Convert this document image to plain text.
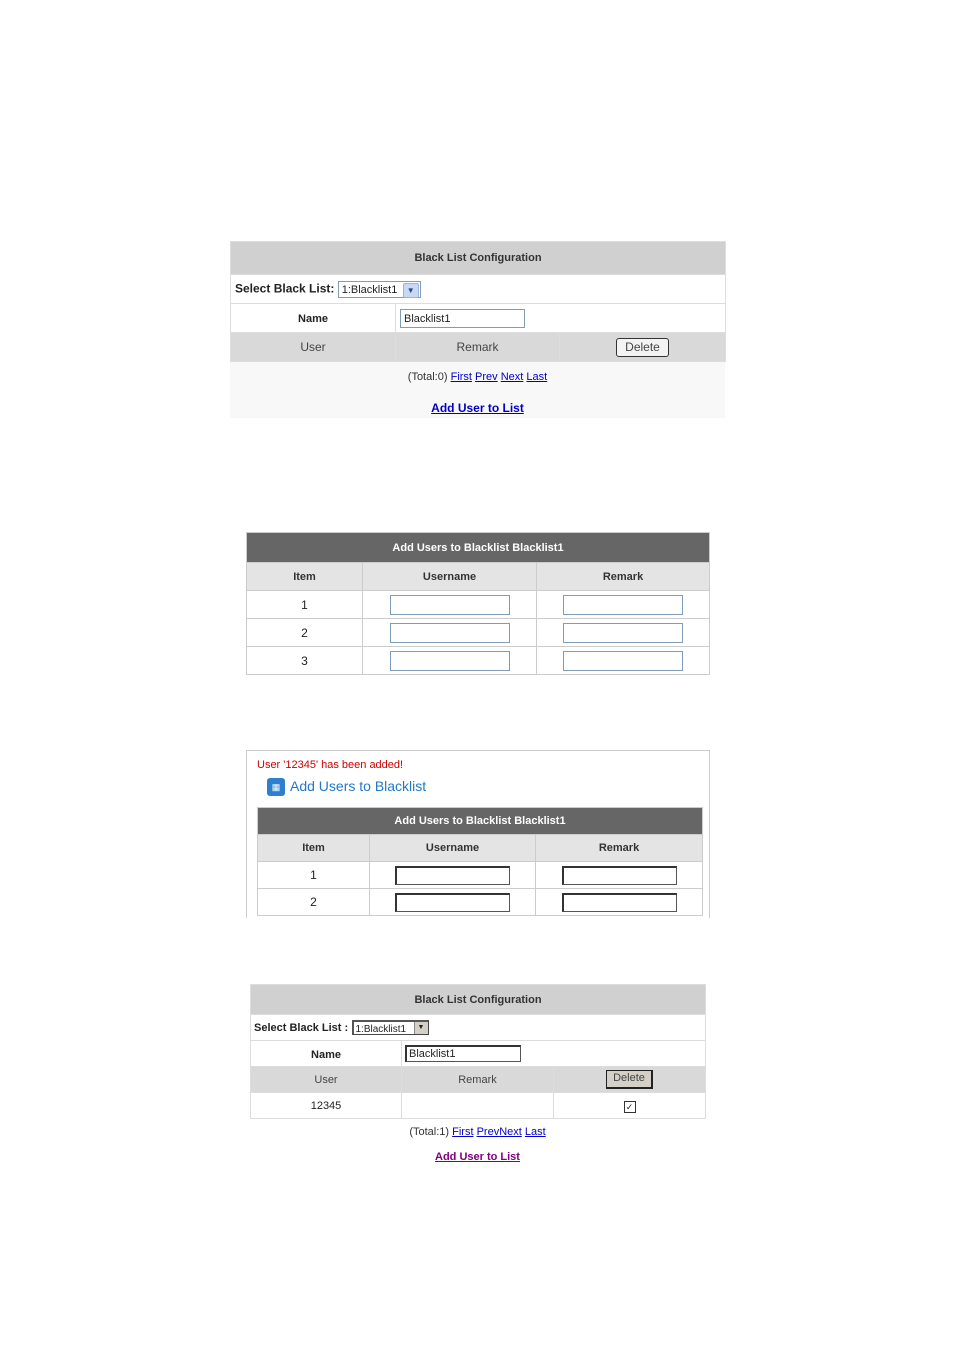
Black List Configuration		
Select Black List: 1:Blacklist1 ▼		

Name	Blacklist1	
User	Remark	Delete
(Total:0) First Prev Next Last
Add User to List
Add Users to Blacklist Blacklist1		
Item	Username	Remark
1		
2		
3		
User '12345' has been added!
▦ Add Users to Blacklist
Add Users to Blacklist Blacklist1		
Item	Username	Remark
1		
2		
Black List Configuration		
Select Black List : 1:Blacklist1 ▼		

Name	Blacklist1	
User	Remark	Delete
12345		✓
(Total:1) First PrevNext Last
Add User to List
